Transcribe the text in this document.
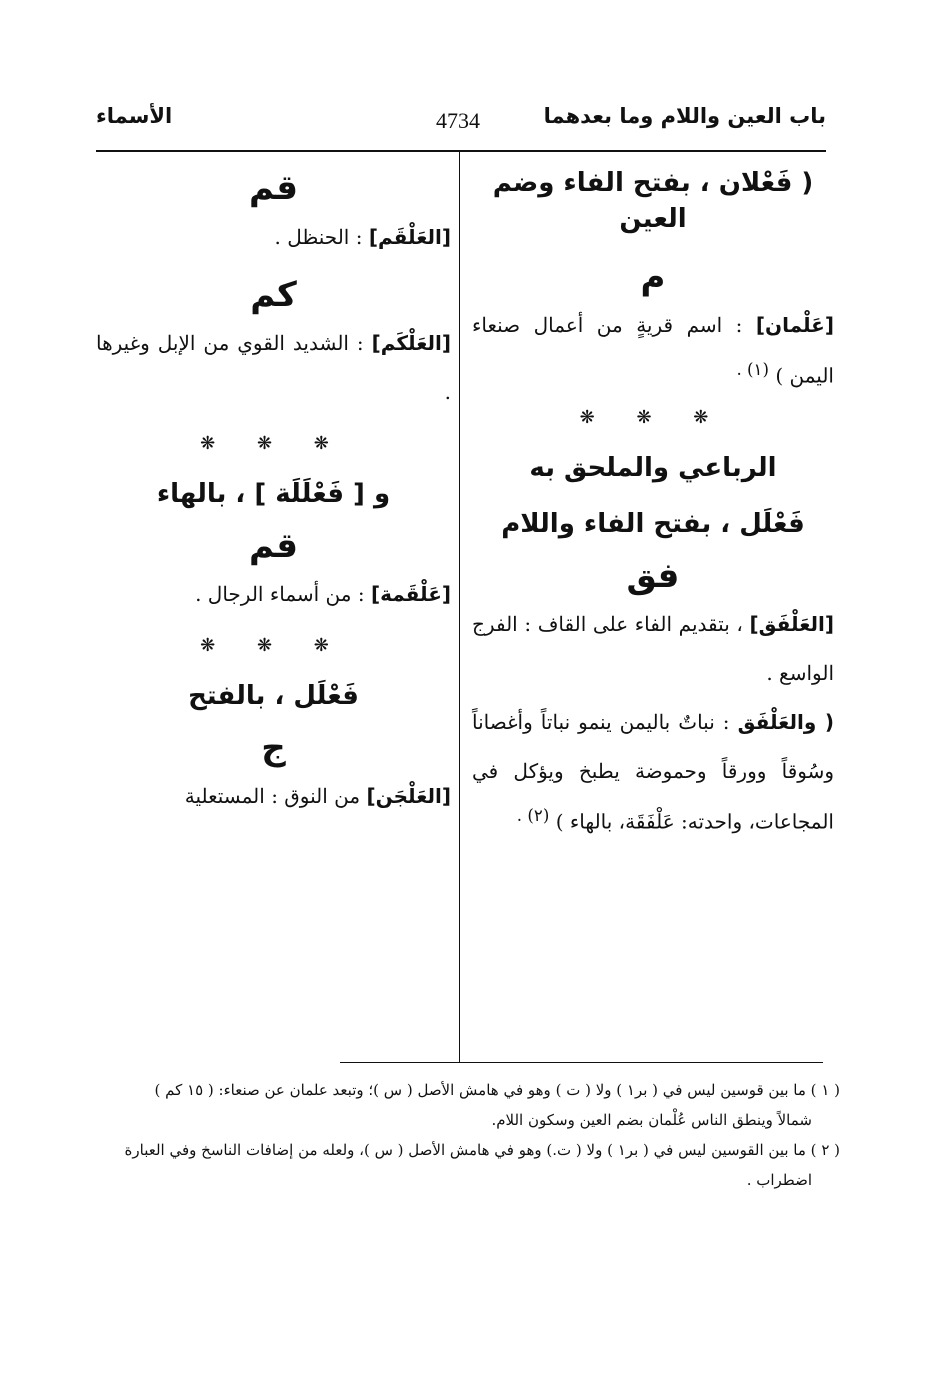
باب العين واللام وما بعدهما
4734
الأسماء
( فَعْلان ، بفتح الفاء وضم العين
م
[عَلْمان] : اسم قريةٍ من أعمال صنعاء اليمن ) $^{(١) .}$
❋ ❋ ❋
الرباعي والملحق به
فَعْلَل ، بفتح الفاء واللام
فق
[العَلْفَق] ، بتقديم الفاء على القاف : الفرج الواسع .
( والعَلْفَق : نباتٌ باليمن ينمو نباتاً وأغصاناً وسُوقاً وورقاً وحموضة يطبخ ويؤكل في المجاعات، واحدته: عَلْفَقَة، بالهاء ) $^{(٢) .}$
قم
[العَلْقَم] : الحنظل .
كم
[العَلْكَم] : الشديد القوي من الإبل وغيرها .
❋ ❋ ❋
و [ فَعْلَلَة ] ، بالهاء
قم
[عَلْقَمة] : من أسماء الرجال .
❋ ❋ ❋
فَعْلَل ، بالفتح
ج
[العَلْجَن] من النوق : المستعلية

( ١ ) ما بين قوسين ليس في ( بر١ ) ولا ( ت ) وهو في هامش الأصل ( س )؛ وتبعد علمان عن صنعاء: ( ١٥ كم )

شمالاً وينطق الناس عُلْمان بضم العين وسكون اللام.

( ٢ ) ما بين القوسين ليس في ( بر١ ) ولا ( ت.) وهو في هامش الأصل ( س )، ولعله من إضافات الناسخ وفي العبارة

اضطراب .
